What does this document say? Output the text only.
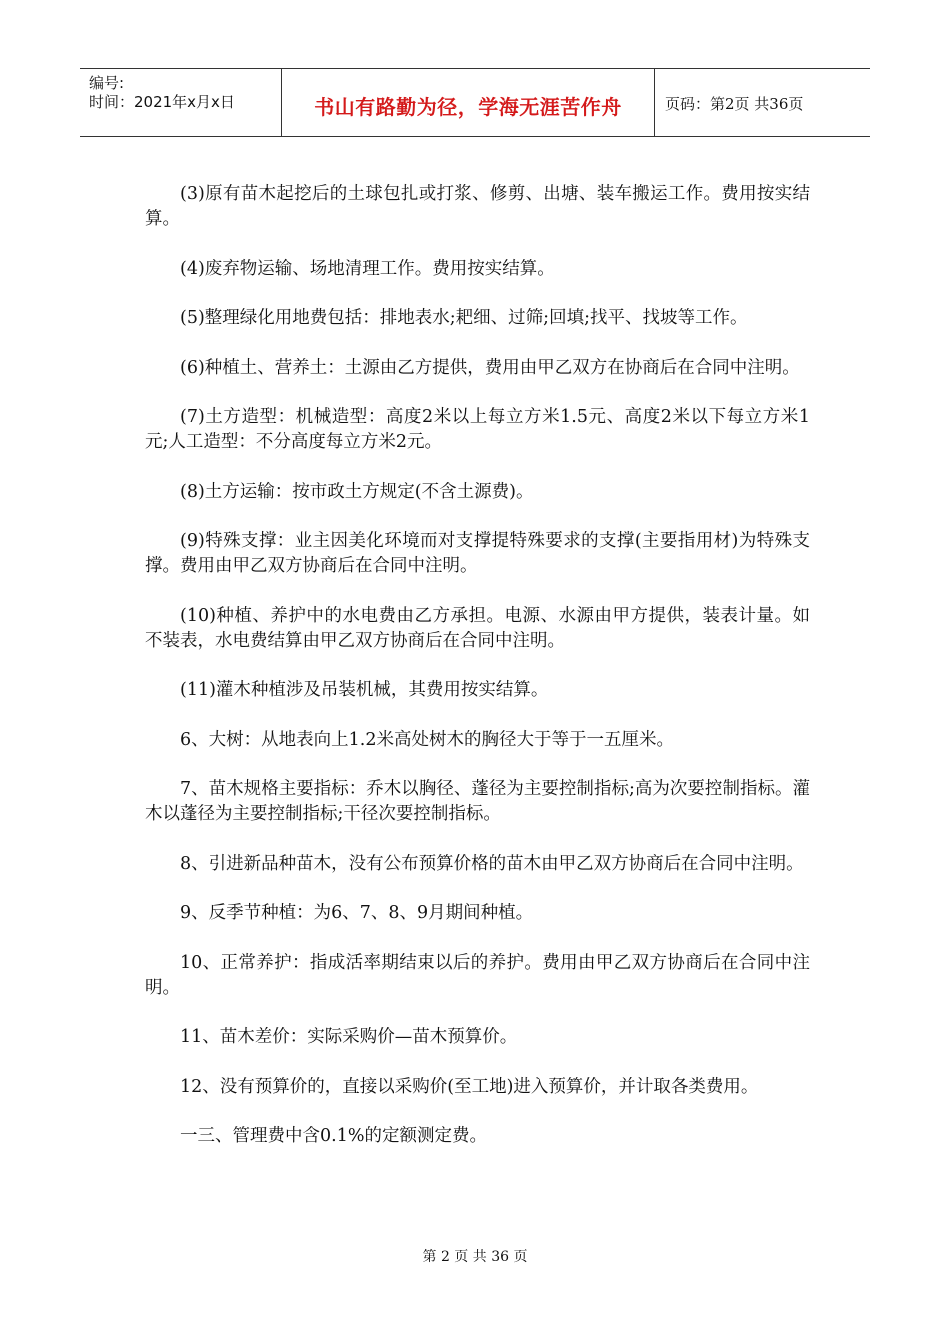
编号:
时间：2021年x月x日	书山有路勤为径，学海无涯苦作舟	页码：第2页 共36页

(3)原有苗木起挖后的土球包扎或打浆、修剪、出塘、装车搬运工作。费用按实结算。

(4)废弃物运输、场地清理工作。费用按实结算。

(5)整理绿化用地费包括：排地表水;耙细、过筛;回填;找平、找坡等工作。

(6)种植土、营养土：土源由乙方提供，费用由甲乙双方在协商后在合同中注明。

(7)土方造型：机械造型：高度2米以上每立方米1.5元、高度2米以下每立方米1元;人工造型：不分高度每立方米2元。

(8)土方运输：按市政土方规定(不含土源费)。

(9)特殊支撑：业主因美化环境而对支撑提特殊要求的支撑(主要指用材)为特殊支撑。费用由甲乙双方协商后在合同中注明。

(10)种植、养护中的水电费由乙方承担。电源、水源由甲方提供，装表计量。如不装表，水电费结算由甲乙双方协商后在合同中注明。

(11)灌木种植涉及吊装机械，其费用按实结算。

6、大树：从地表向上1.2米高处树木的胸径大于等于一五厘米。

7、苗木规格主要指标：乔木以胸径、蓬径为主要控制指标;高为次要控制指标。灌木以蓬径为主要控制指标;干径次要控制指标。

8、引进新品种苗木，没有公布预算价格的苗木由甲乙双方协商后在合同中注明。

9、反季节种植：为6、7、8、9月期间种植。

10、正常养护：指成活率期结束以后的养护。费用由甲乙双方协商后在合同中注明。

11、苗木差价：实际采购价—苗木预算价。

12、没有预算价的，直接以采购价(至工地)进入预算价，并计取各类费用。

一三、管理费中含0.1%的定额测定费。

第 2 页 共 36 页
